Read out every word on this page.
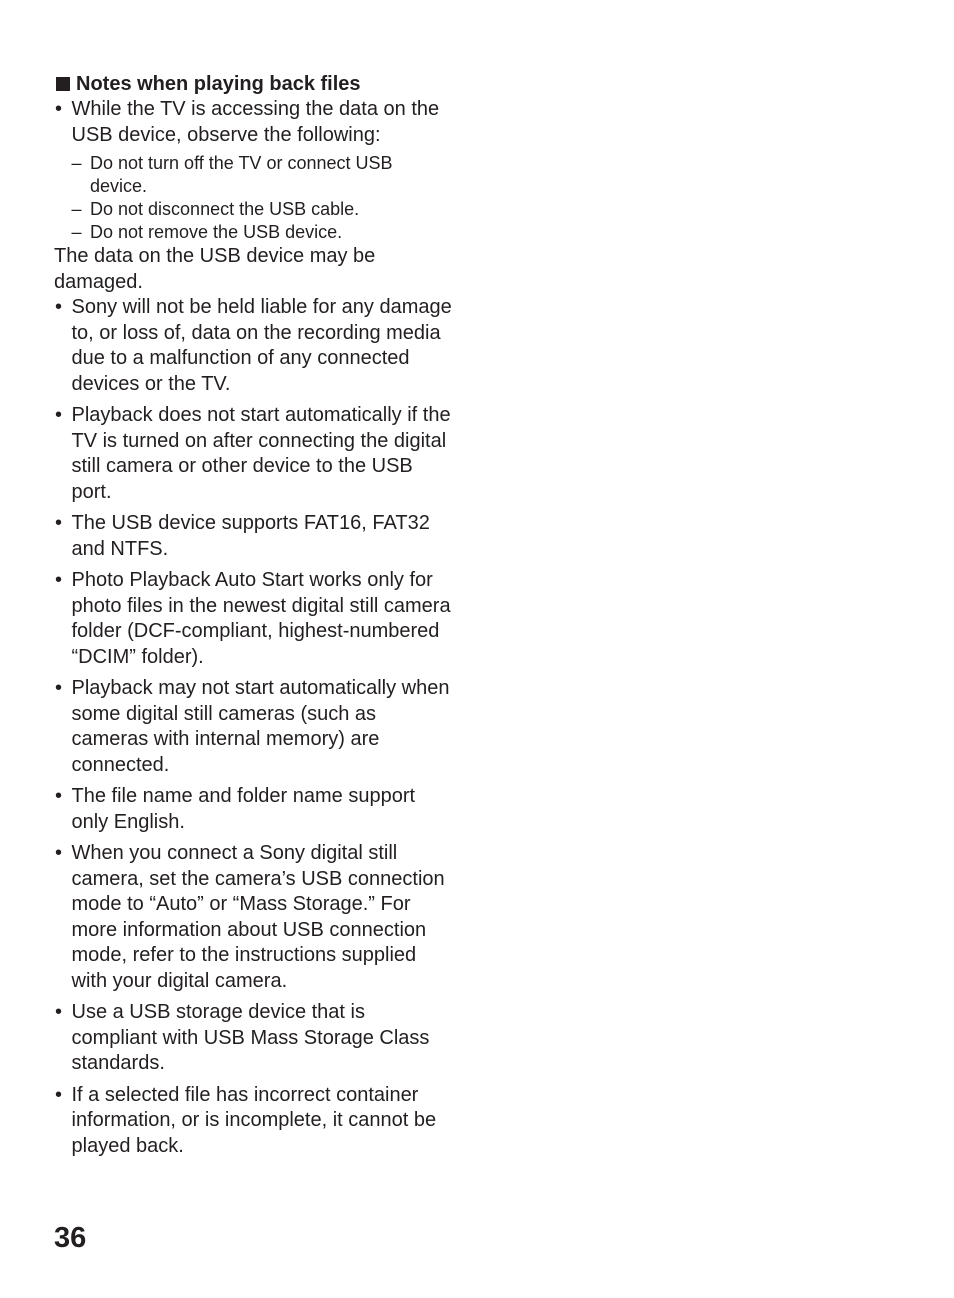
Notes when playing back files
• While the TV is accessing the data on the USB device, observe the following:
– Do not turn off the TV or connect USB device.
– Do not disconnect the USB cable.
– Do not remove the USB device.

The data on the USB device may be damaged.

• Sony will not be held liable for any damage to, or loss of, data on the recording media due to a malfunction of any connected devices or the TV.
• Playback does not start automatically if the TV is turned on after connecting the digital still camera or other device to the USB port.
• The USB device supports FAT16, FAT32 and NTFS.
• Photo Playback Auto Start works only for photo files in the newest digital still camera folder (DCF-compliant, highest-numbered “DCIM” folder).
• Playback may not start automatically when some digital still cameras (such as cameras with internal memory) are connected.
• The file name and folder name support only English.
• When you connect a Sony digital still camera, set the camera’s USB connection mode to “Auto” or “Mass Storage.” For more information about USB connection mode, refer to the instructions supplied with your digital camera.
• Use a USB storage device that is compliant with USB Mass Storage Class standards.
• If a selected file has incorrect container information, or is incomplete, it cannot be played back.

36
